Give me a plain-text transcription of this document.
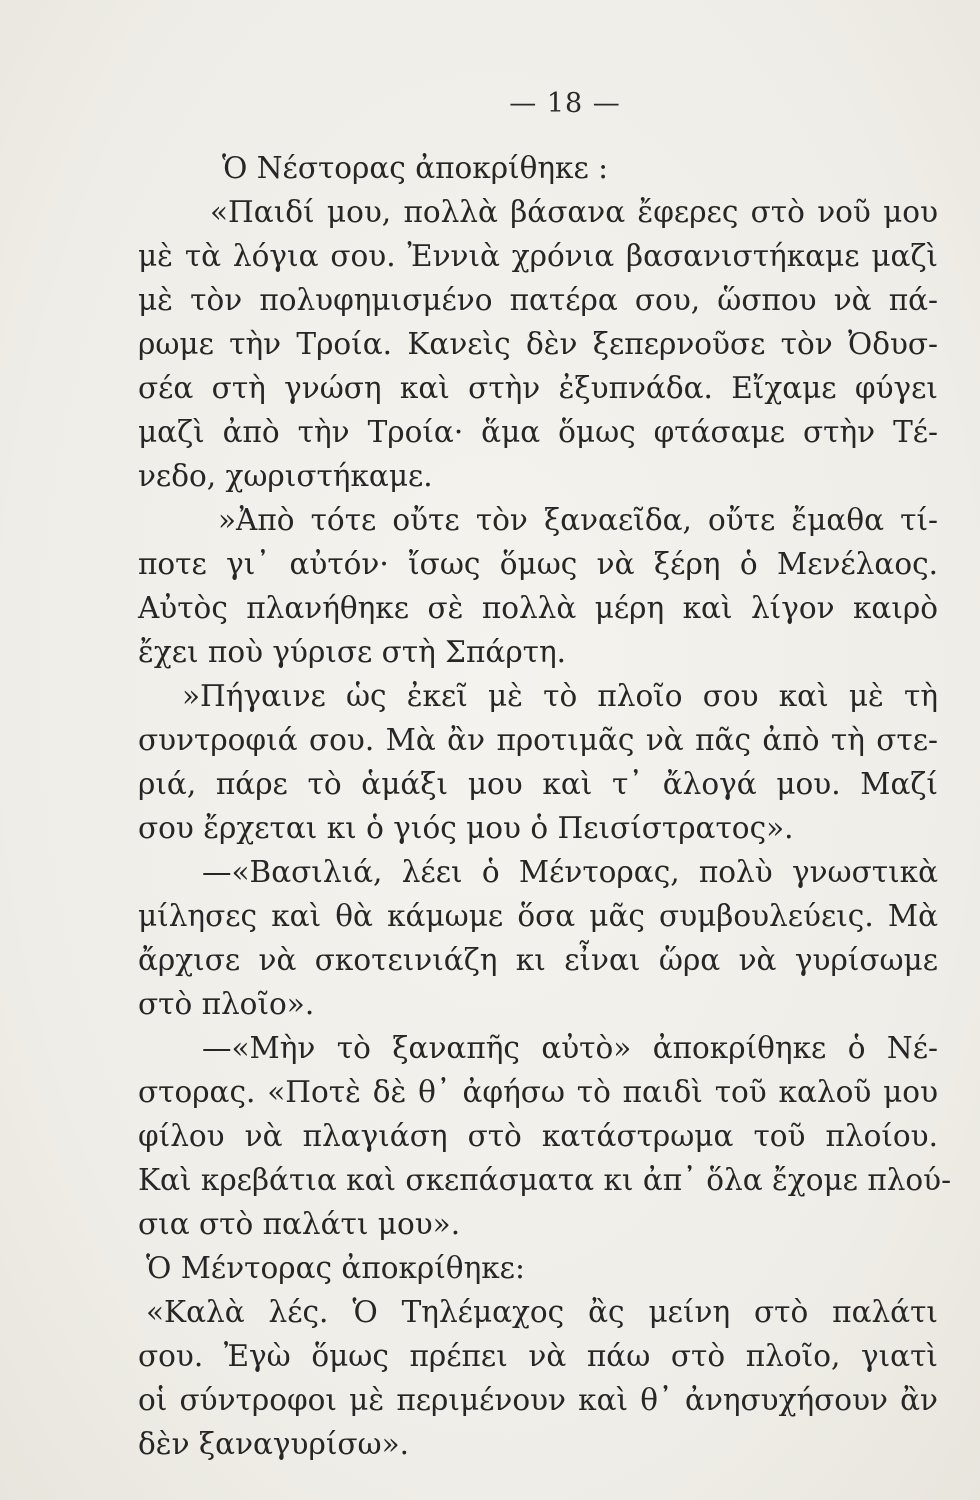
— 18 —
Ὁ Νέστορας ἀποκρίθηκε :
«Παιδί μου, πολλὰ βάσανα ἔφερες στὸ νοῦ μου
μὲ τὰ λόγια σου. Ἐννιὰ χρόνια βασανιστήκαμε μαζὶ
μὲ τὸν πολυφημισμένο πατέρα σου, ὥσπου νὰ πά-
ρωμε τὴν Τροία. Κανεὶς δὲν ξεπερνοῦσε τὸν Ὀδυσ-
σέα στὴ γνώση καὶ στὴν ἐξυπνάδα. Εἴχαμε φύγει
μαζὶ ἀπὸ τὴν Τροία· ἅμα ὅμως φτάσαμε στὴν Τέ-
νεδο, χωριστήκαμε.
»Ἀπὸ τότε οὔτε τὸν ξαναεῖδα, οὔτε ἔμαθα τί-
ποτε γι᾽ αὐτόν· ἴσως ὅμως νὰ ξέρη ὁ Μενέλαος.
Αὐτὸς πλανήθηκε σὲ πολλὰ μέρη καὶ λίγον καιρὸ
ἔχει ποὺ γύρισε στὴ Σπάρτη.
»Πήγαινε ὡς ἐκεῖ μὲ τὸ πλοῖο σου καὶ μὲ τὴ
συντροφιά σου. Μὰ ἂν προτιμᾶς νὰ πᾶς ἀπὸ τὴ στε-
ριά, πάρε τὸ ἁμάξι μου καὶ τ᾽ ἄλογά μου. Μαζί
σου ἔρχεται κι ὁ γιός μου ὁ Πεισίστρατος».
—«Βασιλιά, λέει ὁ Μέντορας, πολὺ γνωστικὰ
μίλησες καὶ θὰ κάμωμε ὅσα μᾶς συμβουλεύεις. Μὰ
ἄρχισε νὰ σκοτεινιάζη κι εἶναι ὥρα νὰ γυρίσωμε
στὸ πλοῖο».
—«Μὴν τὸ ξαναπῆς αὐτὸ» ἀποκρίθηκε ὁ Νέ-
στορας. «Ποτὲ δὲ θ᾽ ἀφήσω τὸ παιδὶ τοῦ καλοῦ μου
φίλου νὰ πλαγιάση στὸ κατάστρωμα τοῦ πλοίου.
Καὶ κρεβάτια καὶ σκεπάσματα κι ἀπ᾽ ὅλα ἔχομε πλού-
σια στὸ παλάτι μου».
Ὁ Μέντορας ἀποκρίθηκε:
«Καλὰ λές. Ὁ Τηλέμαχος ἂς μείνη στὸ παλάτι
σου. Ἐγὼ ὅμως πρέπει νὰ πάω στὸ πλοῖο, γιατὶ
οἱ σύντροφοι μὲ περιμένουν καὶ θ᾽ ἀνησυχήσουν ἂν
δὲν ξαναγυρίσω».
